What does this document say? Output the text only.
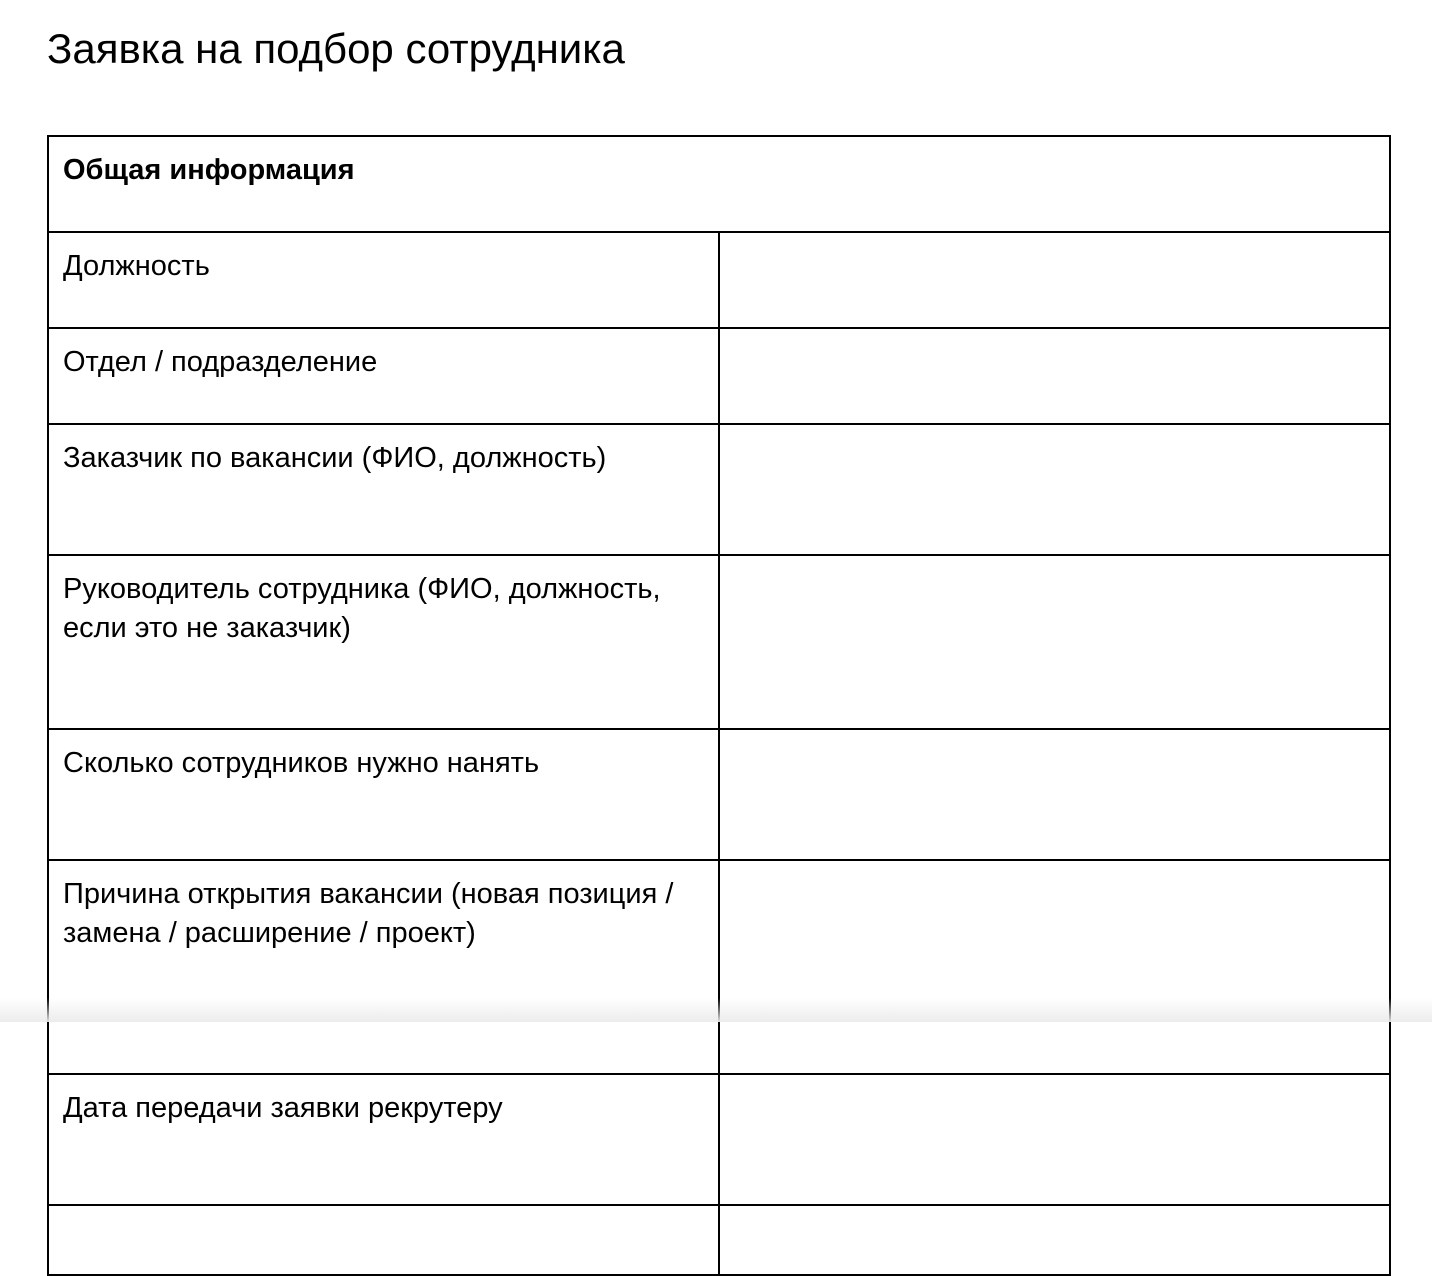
Заявка на подбор сотрудника
Общая информация	
Должность	
Отдел / подразделение	
Заказчик по вакансии (ФИО, должность)	
Руководитель сотрудника (ФИО, должность, если это не заказчик)	
Сколько сотрудников нужно нанять	
Причина открытия вакансии (новая позиция / замена / расширение / проект)	
Дата передачи заявки рекрутеру	
